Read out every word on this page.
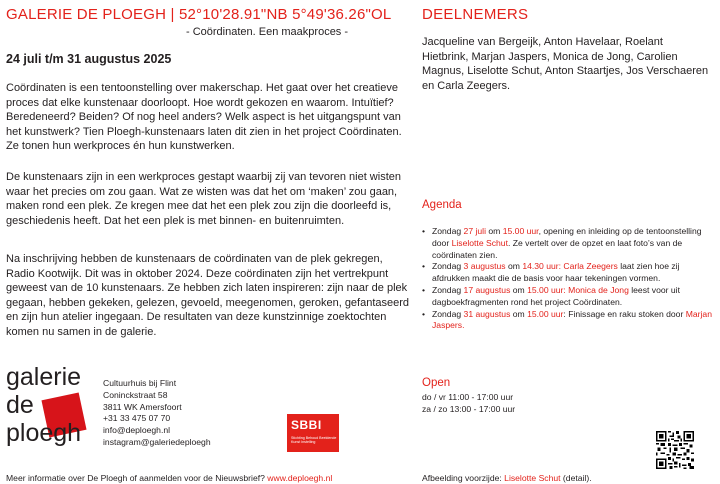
GALERIE DE PLOEGH | 52°10'28.91"NB 5°49'36.26"OL
- Coördinaten. Een maakproces -
24 juli t/m 31 augustus 2025

Coördinaten is een tentoonstelling over makerschap. Het gaat over het creatieve proces dat elke kunstenaar doorloopt. Hoe wordt gekozen en waarom. Intuïtief? Beredeneerd? Beiden? Of nog heel anders? Welk aspect is het uitgangspunt van het kunstwerk? Tien Ploegh-kunstenaars laten dit zien in het project Coördinaten. Ze tonen hun werkproces én hun kunstwerken.

De kunstenaars zijn in een werkproces gestapt waarbij zij van tevoren niet wisten waar het precies om zou gaan. Wat ze wisten was dat het om ‘maken’ zou gaan, maken rond een plek. Ze kregen mee dat het een plek zou zijn die doorleefd is, geschiedenis heeft. Dat het een plek is met binnen- en buitenruimten.

Na inschrijving hebben de kunstenaars de coördinaten van de plek gekregen, Radio Kootwijk. Dit was in oktober 2024. Deze coördinaten zijn het vertrekpunt geweest van de 10 kunstenaars. Ze hebben zich laten inspireren: zijn naar de plek gegaan, hebben gekeken, gelezen, gevoeld, meegenomen, geroken, gefantaseerd en zijn hun atelier ingegaan. De resultaten van deze kunstzinnige zoektochten komen nu samen in de galerie.

DEELNEMERS

Jacqueline van Bergeijk, Anton Havelaar, Roelant Hietbrink, Marjan Jaspers, Monica de Jong, Carolien Magnus, Liselotte Schut, Anton Staartjes, Jos Verschaeren en Carla Zeegers.

Agenda
• Zondag 27 juli om 15.00 uur, opening en inleiding op de tentoonstelling door Liselotte Schut. Ze vertelt over de opzet en laat foto’s van de coördinaten zien.
• Zondag 3 augustus om 14.30 uur: Carla Zeegers laat zien hoe zij afdrukken maakt die de basis voor haar tekeningen vormen.
• Zondag 17 augustus om 15.00 uur: Monica de Jong leest voor uit dagboekfragmenten rond het project Coördinaten.
• Zondag 31 augustus om 15.00 uur: Finissage en raku stoken door Marjan Jaspers.
Open
do / vr 11:00 - 17:00 uur
za / zo 13:00 - 17:00 uur
galerie
de
ploegh
Cultuurhuis bij Flint
Coninckstraat 58
3811 WK Amersfoort
+31 33 475 07 70
info@deploegh.nl
instagram@galeriedeploegh
SBBI
Stichting Behoud Beeldende Kunst Instelling
Meer informatie over De Ploegh of aanmelden voor de Nieuwsbrief? www.deploegh.nl	Afbeelding voorzijde: Liselotte Schut (detail).
